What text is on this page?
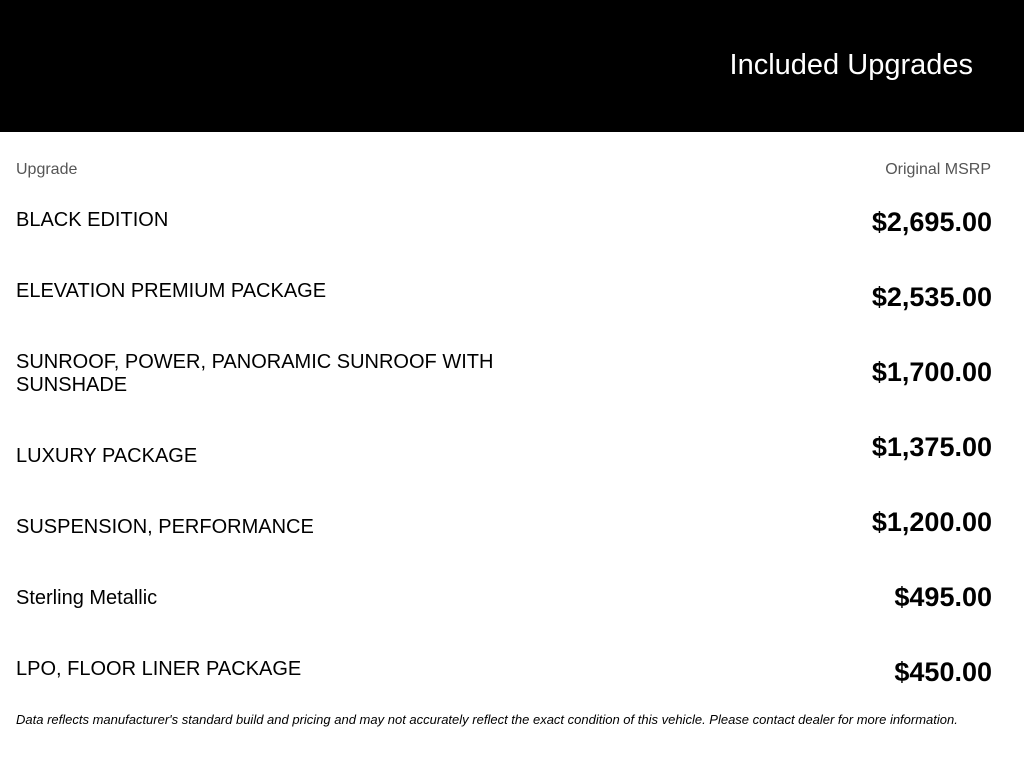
Included Upgrades
Upgrade	Original MSRP
BLACK EDITION	$2,695.00
ELEVATION PREMIUM PACKAGE	$2,535.00
SUNROOF, POWER, PANORAMIC SUNROOF WITH SUNSHADE	$1,700.00
LUXURY PACKAGE	$1,375.00
SUSPENSION, PERFORMANCE	$1,200.00
Sterling Metallic	$495.00
LPO, FLOOR LINER PACKAGE	$450.00
Data reflects manufacturer's standard build and pricing and may not accurately reflect the exact condition of this vehicle. Please contact dealer for more information.
